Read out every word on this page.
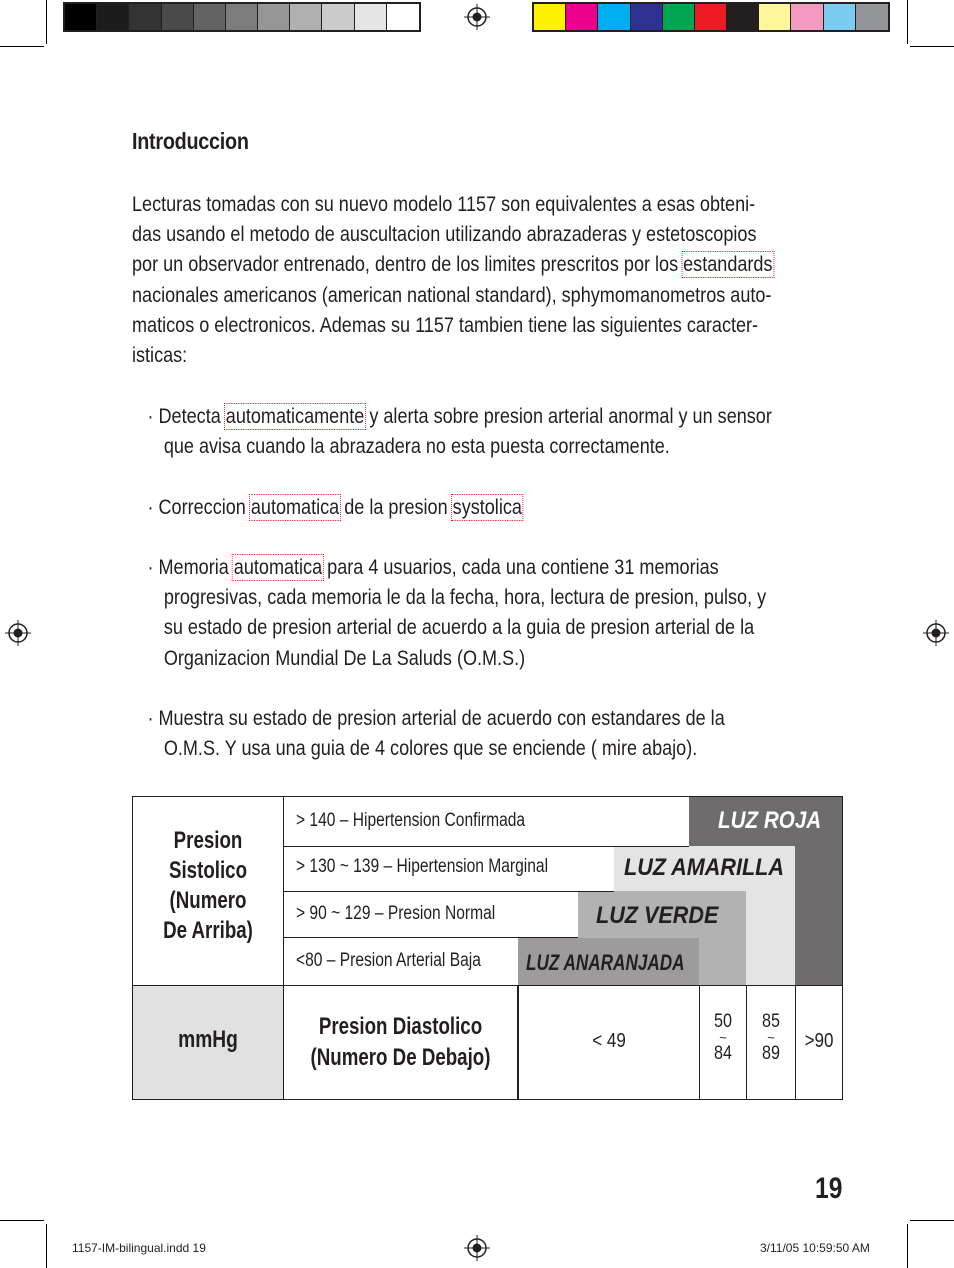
Introduccion
Lecturas tomadas con su nuevo modelo 1157 son equivalentes a esas obteni-
das usando el metodo de auscultacion utilizando abrazaderas y estetoscopios
por un observador entrenado, dentro de los limites prescritos por los estandards
nacionales americanos (american national standard), sphymomanometros auto-
maticos o electronicos. Ademas su 1157 tambien tiene las siguientes caracter-
isticas:
· Detecta automaticamente y alerta sobre presion arterial anormal y un sensor
que avisa cuando la abrazadera no esta puesta correctamente.
· Correccion automatica de la presion systolica
· Memoria automatica para 4 usuarios, cada una contiene 31 memorias
progresivas, cada memoria le da la fecha, hora, lectura de presion, pulso, y
su estado de presion arterial de acuerdo a la guia de presion arterial de la
Organizacion Mundial De La Saluds (O.M.S.)
· Muestra su estado de presion arterial de acuerdo con estandares de la
O.M.S. Y usa una guia de 4 colores que se enciende ( mire abajo).
Presion
Sistolico
(Numero
De Arriba)
> 140 – Hipertension Confirmada
> 130 ~ 139 – Hipertension Marginal
> 90 ~ 129 – Presion Normal
<80 – Presion Arterial Baja
LUZ ROJA
LUZ AMARILLA
LUZ VERDE
LUZ ANARANJADA
mmHg	Presion Diastolico
(Numero De Debajo)
< 49
50
~
84
85
~
89
>90
19
1157-IM-bilingual.indd 19	3/11/05 10:59:50 AM
